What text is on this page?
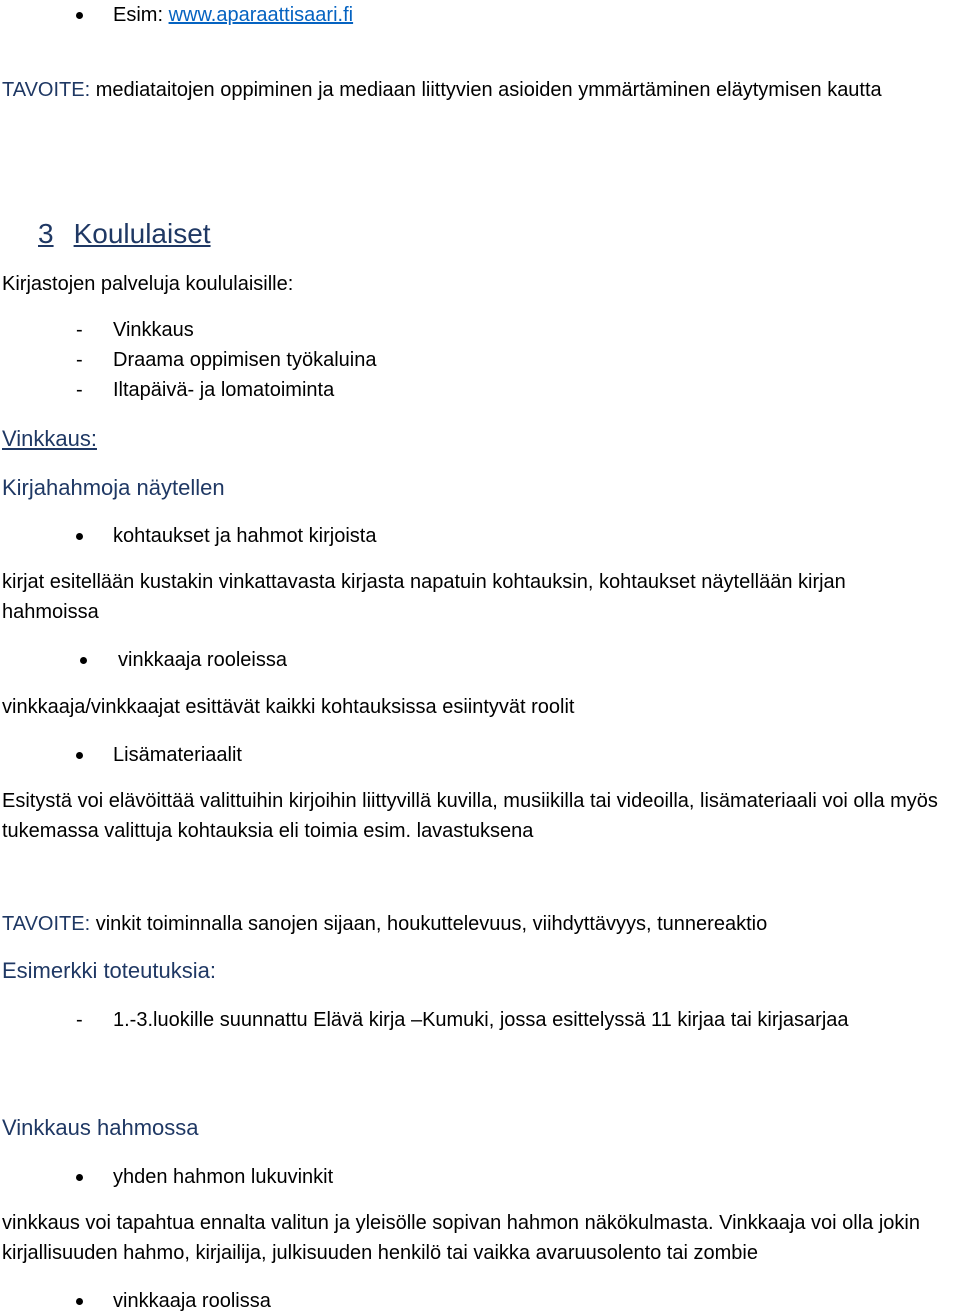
Esim: www.aparaattisaari.fi
TAVOITE: mediataitojen oppiminen ja mediaan liittyvien asioiden ymmärtäminen eläytymisen kautta
3 Koululaiset
Kirjastojen palveluja koululaisille:
- Vinkkaus
- Draama oppimisen työkaluina
- Iltapäivä- ja lomatoiminta
Vinkkaus:
Kirjahahmoja näytellen
kohtaukset ja hahmot kirjoista
kirjat esitellään kustakin vinkattavasta kirjasta napatuin kohtauksin, kohtaukset näytellään kirjan hahmoissa
vinkkaaja rooleissa
vinkkaaja/vinkkaajat esittävät kaikki kohtauksissa esiintyvät roolit
Lisämateriaalit
Esitystä voi elävöittää valittuihin kirjoihin liittyvillä kuvilla, musiikilla tai videoilla, lisämateriaali voi olla myös tukemassa valittuja kohtauksia eli toimia esim. lavastuksena
TAVOITE: vinkit toiminnalla sanojen sijaan, houkuttelevuus, viihdyttävyys, tunnereaktio
Esimerkki toteutuksia:
- 1.-3.luokille suunnattu Elävä kirja –Kumuki, jossa esittelyssä 11 kirjaa tai kirjasarjaa
Vinkkaus hahmossa
yhden hahmon lukuvinkit
vinkkaus voi tapahtua ennalta valitun ja yleisölle sopivan hahmon näkökulmasta. Vinkkaaja voi olla jokin kirjallisuuden hahmo, kirjailija, julkisuuden henkilö tai vaikka avaruusolento tai zombie
vinkkaaja roolissa
